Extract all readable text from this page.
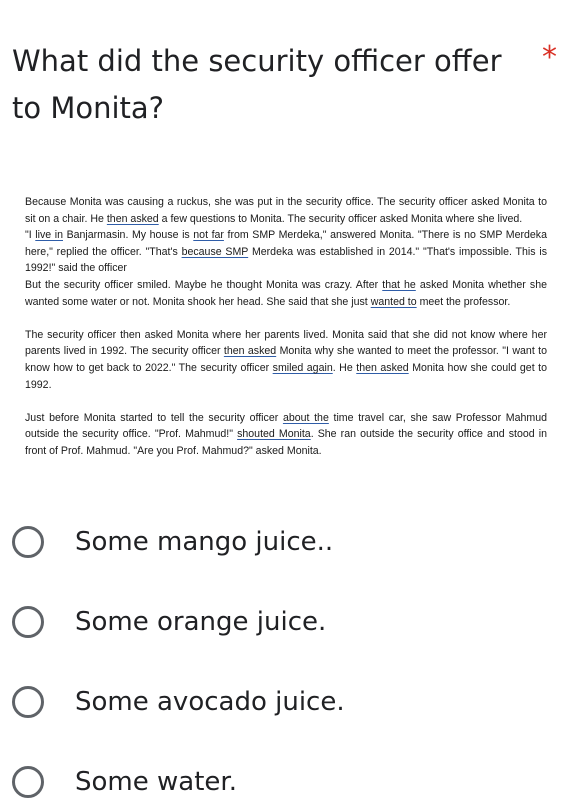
What did the security officer offer to Monita?
*

Because Monita was causing a ruckus, she was put in the security office. The security officer asked Monita to sit on a chair. He then asked a few questions to Monita. The security officer asked Monita where she lived.

"I live in Banjarmasin. My house is not far from SMP Merdeka," answered Monita. "There is no SMP Merdeka here," replied the officer. "That's because SMP Merdeka was established in 2014." "That's impossible. This is 1992!" said the officer

But the security officer smiled. Maybe he thought Monita was crazy. After that he asked Monita whether she wanted some water or not. Monita shook her head. She said that she just wanted to meet the professor.

The security officer then asked Monita where her parents lived. Monita said that she did not know where her parents lived in 1992. The security officer then asked Monita why she wanted to meet the professor. "I want to know how to get back to 2022." The security officer smiled again. He then asked Monita how she could get to 1992.

Just before Monita started to tell the security officer about the time travel car, she saw Professor Mahmud outside the security office. "Prof. Mahmud!" shouted Monita. She ran outside the security office and stood in front of Prof. Mahmud. "Are you Prof. Mahmud?" asked Monita.

Some mango juice..
Some orange juice.
Some avocado juice.
Some water.
